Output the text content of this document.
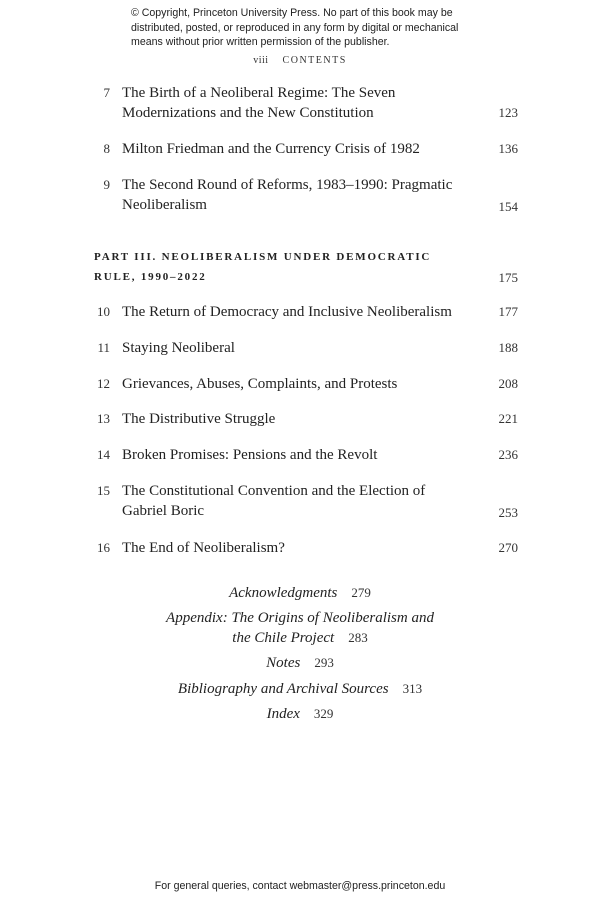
© Copyright, Princeton University Press. No part of this book may be distributed, posted, or reproduced in any form by digital or mechanical means without prior written permission of the publisher.
viii CONTENTS
7 The Birth of a Neoliberal Regime: The Seven Modernizations and the New Constitution	123
8 Milton Friedman and the Currency Crisis of 1982	136
9 The Second Round of Reforms, 1983–1990: Pragmatic Neoliberalism	154
PART III. NEOLIBERALISM UNDER DEMOCRATIC
RULE, 1990–2022	175
10 The Return of Democracy and Inclusive Neoliberalism	177
11 Staying Neoliberal	188
12 Grievances, Abuses, Complaints, and Protests	208
13 The Distributive Struggle	221
14 Broken Promises: Pensions and the Revolt	236
15 The Constitutional Convention and the Election of Gabriel Boric	253
16 The End of Neoliberalism?	270
Acknowledgments 279
Appendix: The Origins of Neoliberalism and
the Chile Project 283
Notes 293
Bibliography and Archival Sources 313
Index 329
For general queries, contact webmaster@press.princeton.edu
